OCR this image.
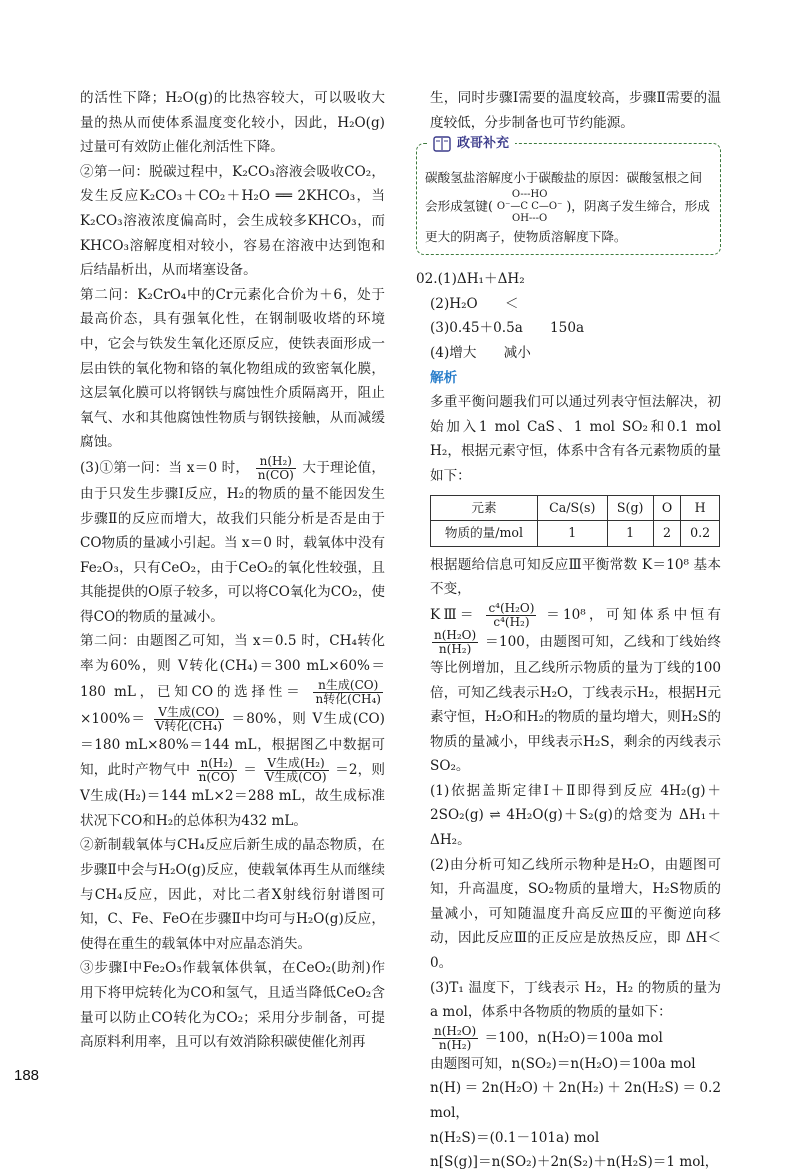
的活性下降；H₂O(g)的比热容较大，可以吸收大量的热从而使体系温度变化较小，因此，H₂O(g)过量可有效防止催化剂活性下降。

②第一问：脱碳过程中，K₂CO₃溶液会吸收CO₂，发生反应K₂CO₃＋CO₂＋H₂O ══ 2KHCO₃，当K₂CO₃溶液浓度偏高时，会生成较多KHCO₃，而KHCO₃溶解度相对较小，容易在溶液中达到饱和后结晶析出，从而堵塞设备。

第二问：K₂CrO₄中的Cr元素化合价为＋6，处于最高价态，具有强氧化性，在钢制吸收塔的环境中，它会与铁发生氧化还原反应，使铁表面形成一层由铁的氧化物和铬的氧化物组成的致密氧化膜，这层氧化膜可以将钢铁与腐蚀性介质隔离开，阻止氧气、水和其他腐蚀性物质与钢铁接触，从而减缓腐蚀。

(3)①第一问：当 x＝0 时， $\frac{\text{n(H₂)}}{n(CO)}$ 大于理论值，由于只发生步骤Ⅰ反应，H₂的物质的量不能因发生步骤Ⅱ的反应而增大，故我们只能分析是否是由于CO物质的量减小引起。当 x＝0 时，载氧体中没有Fe₂O₃，只有CeO₂，由于CeO₂的氧化性较强，且其能提供的O原子较多，可以将CO氧化为CO₂，使得CO的物质的量减小。

第二问：由题图乙可知，当 x＝0.5 时，CH₄转化率为60%，则 V转化(CH₄)＝300 mL×60%＝180 mL，已知CO的选择性＝ $\frac{\text{n生成(CO)}}{\text{n转化(CH₄)}}$
$\times 100\%= \frac{\text{V生成(CO)}}{\text{V转化(CH₄)}} =80\%$，则 V生成(CO)＝180 mL×80%＝144 mL，根据图乙中数据可知，此时产物气中 $\frac{\text{n(H₂)}}{n(CO)} = \frac{\text{V生成(H₂)}}{\text{V生成(CO)}} =2$，则 V生成(H₂)＝144 mL×2＝288 mL，故生成标准状况下CO和H₂的总体积为432 mL。

②新制载氧体与CH₄反应后新生成的晶态物质，在步骤Ⅱ中会与H₂O(g)反应，使载氧体再生从而继续与CH₄反应，因此，对比二者X射线衍射谱图可知，C、Fe、FeO在步骤Ⅱ中均可与H₂O(g)反应，使得在重生的载氧体中对应晶态消失。

③步骤Ⅰ中Fe₂O₃作载氧体供氧，在CeO₂(助剂)作用下将甲烷转化为CO和氢气，且适当降低CeO₂含量可以防止CO转化为CO₂；采用分步制备，可提高原料利用率，且可以有效消除积碳使催化剂再

生，同时步骤Ⅰ需要的温度较高，步骤Ⅱ需要的温度较低，分步制备也可节约能源。

政哥补充
碳酸氢盐溶解度小于碳酸盐的原因：碳酸氢根之间会形成氢键(
O---HO
O⁻—C C—O⁻
OH---O
)，阴离子发生缔合，形成更大的阴离子，使物质溶解度下降。

02.(1)ΔH₁＋ΔH₂

(2)H₂O　　＜

(3)0.45＋0.5a　　150a

(4)增大　　减小

解析

多重平衡问题我们可以通过列表守恒法解决，初始加入1 mol CaS、1 mol SO₂和0.1 mol H₂，根据元素守恒，体系中含有各元素物质的量如下：

元素	Ca/S(s)	S(g)	O	H
物质的量/mol	1	1	2	0.2

根据题给信息可知反应Ⅲ平衡常数 K＝10⁸ 基本不变，

KⅢ＝ $\frac{\text{c⁴(H₂O)}}{\text{c⁴(H₂)}} =10^8$，可知体系中恒有
$\frac{\text{n(H₂O)}}{\text{n(H₂)}} =100$，由题图可知，乙线和丁线始终等比例增加，且乙线所示物质的量为丁线的100倍，可知乙线表示H₂O，丁线表示H₂，根据H元素守恒，H₂O和H₂的物质的量均增大，则H₂S的物质的量减小，甲线表示H₂S，剩余的丙线表示SO₂。

(1)依据盖斯定律Ⅰ＋Ⅱ即得到反应 4H₂(g)＋2SO₂(g) ⇌ 4H₂O(g)＋S₂(g)的焓变为 ΔH₁＋ΔH₂。

(2)由分析可知乙线所示物种是H₂O，由题图可知，升高温度，SO₂物质的量增大，H₂S物质的量减小，可知随温度升高反应Ⅲ的平衡逆向移动，因此反应Ⅲ的正反应是放热反应，即 ΔH＜0。

(3)T₁ 温度下，丁线表示 H₂，H₂ 的物质的量为 a mol，体系中各物质的物质的量如下：

$\frac{\text{n(H₂O)}}{\text{n(H₂)}} =100$，n(H₂O)＝100a mol

由题图可知，n(SO₂)＝n(H₂O)＝100a mol

n(H)＝2n(H₂O)＋2n(H₂)＋2n(H₂S)＝0.2 mol，

n(H₂S)＝(0.1－101a) mol

n[S(g)]＝n(SO₂)＋2n(S₂)＋n(H₂S)＝1 mol，

188
